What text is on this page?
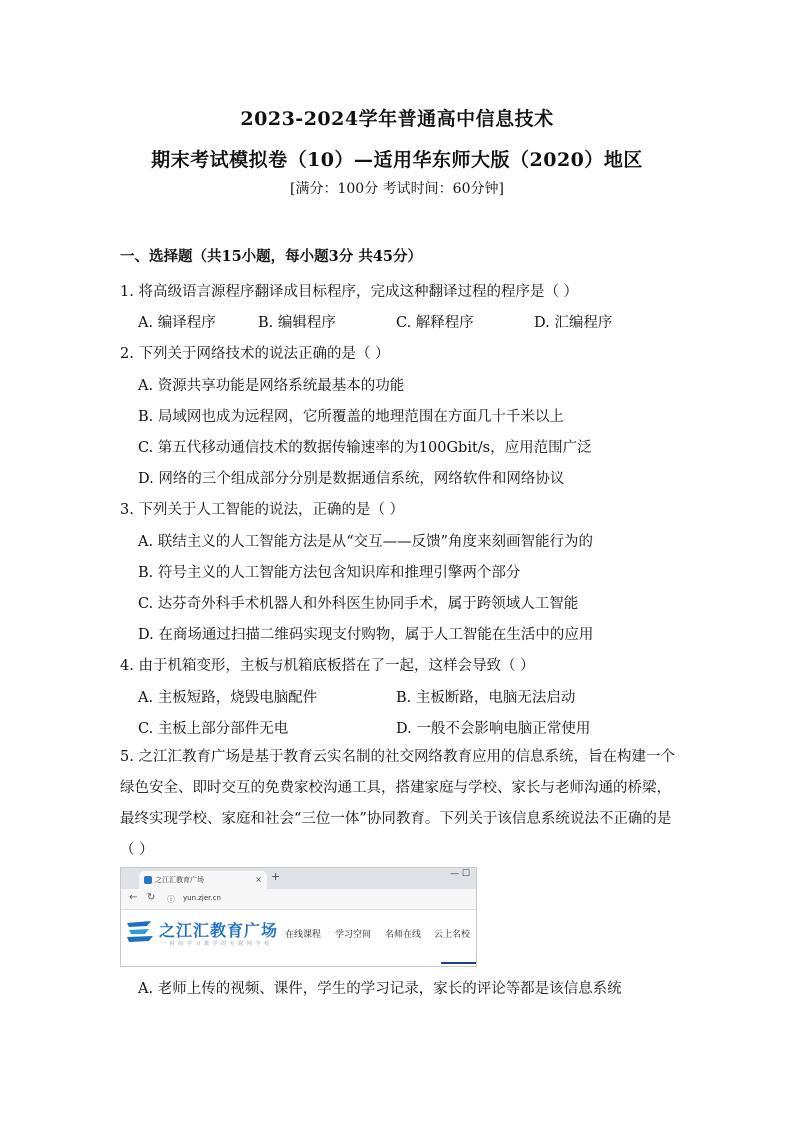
2023-2024学年普通高中信息技术
期末考试模拟卷（10）—适用华东师大版（2020）地区
[满分：100分 考试时间：60分钟]
一、选择题（共15小题，每小题3分 共45分）
1. 将高级语言源程序翻译成目标程序，完成这种翻译过程的程序是（ ）
A. 编译程序	B. 编辑程序	C. 解释程序	D. 汇编程序
2. 下列关于网络技术的说法正确的是（ ）
A. 资源共享功能是网络系统最基本的功能
B. 局域网也成为远程网，它所覆盖的地理范围在方面几十千米以上
C. 第五代移动通信技术的数据传输速率的为100Gbit/s，应用范围广泛
D. 网络的三个组成部分分别是数据通信系统，网络软件和网络协议
3. 下列关于人工智能的说法，正确的是（ ）
A. 联结主义的人工智能方法是从“交互——反馈”角度来刻画智能行为的
B. 符号主义的人工智能方法包含知识库和推理引擎两个部分
C. 达芬奇外科手术机器人和外科医生协同手术，属于跨领域人工智能
D. 在商场通过扫描二维码实现支付购物，属于人工智能在生活中的应用
4. 由于机箱变形，主板与机箱底板搭在了一起，这样会导致（ ）
A. 主板短路，烧毁电脑配件	B. 主板断路，电脑无法启动
C. 主板上部分部件无电	D. 一般不会影响电脑正常使用
5. 之江汇教育广场是基于教育云实名制的社交网络教育应用的信息系统，旨在构建一个绿色安全、即时交互的免费家校沟通工具，搭建家庭与学校、家长与老师沟通的桥梁，最终实现学校、家庭和社会“三位一体”协同教育。下列关于该信息系统说法不正确的是（ ）
之江汇教育广场	× +	— ☐
← ↻ ⓘ yun.zjer.cn
之江汇教育广场
一 时 尚 学 习 教 学 的 互 联 网 学 校
在线课程 学习空间 名师在线 云上名校
A. 老师上传的视频、课件，学生的学习记录，家长的评论等都是该信息系统
